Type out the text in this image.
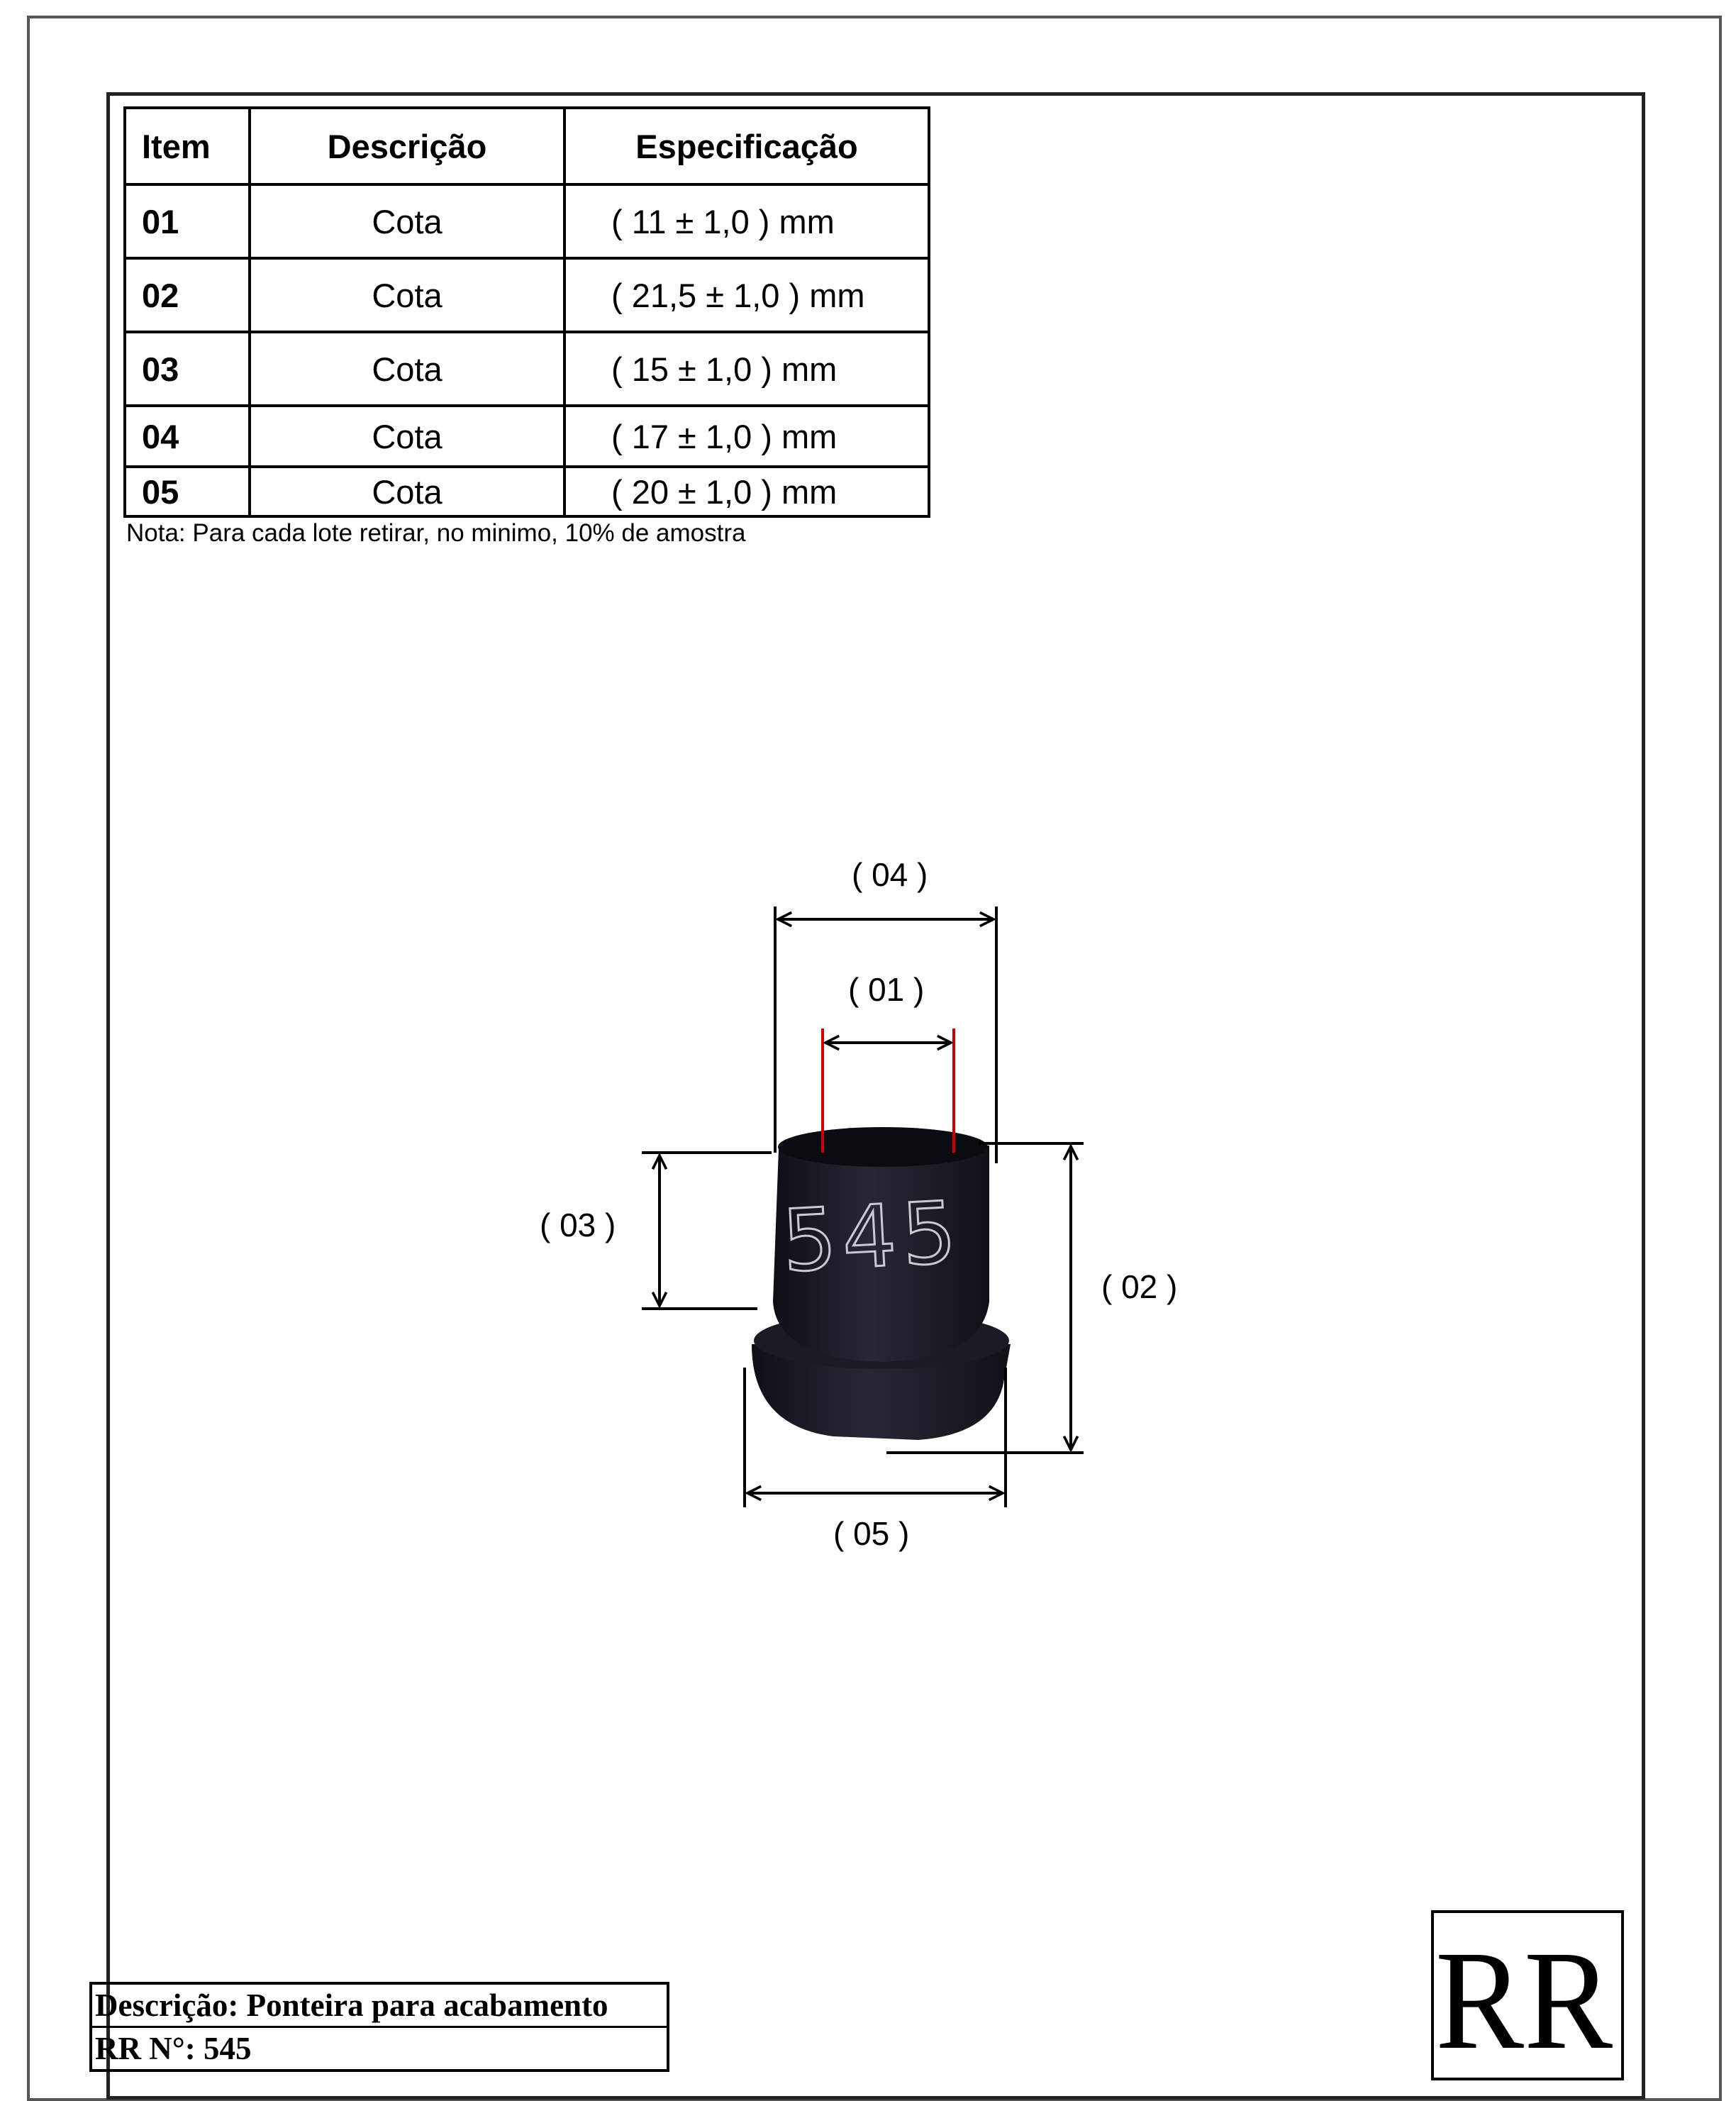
Item	Descrição	Especificação
01	Cota	( 11 ± 1,0 ) mm
02	Cota	( 21,5 ± 1,0 ) mm
03	Cota	( 15 ± 1,0 ) mm
04	Cota	( 17 ± 1,0 ) mm
05	Cota	( 20 ± 1,0 ) mm
Nota: Para cada lote retirar, no minimo, 10% de amostra
545
( 04 )
( 01 )
( 03 )
( 02 )
( 05 )
Descrição: Ponteira para acabamento
RR N°: 545	RR
